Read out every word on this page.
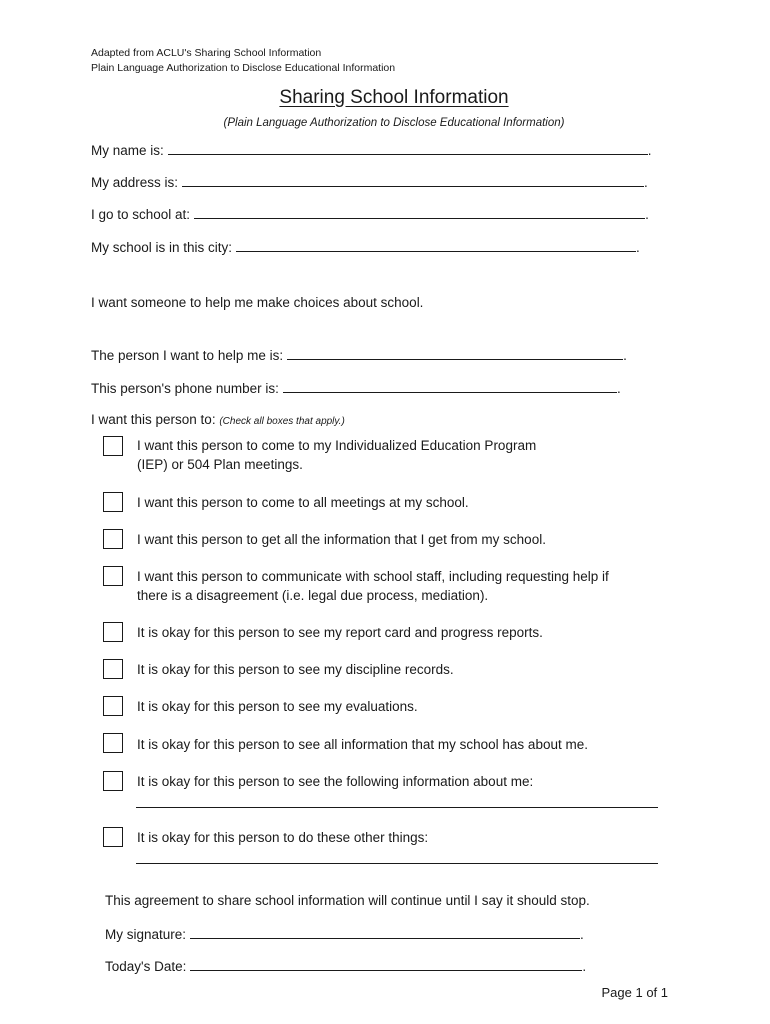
Adapted from ACLU's Sharing School Information
Plain Language Authorization to Disclose Educational Information
Sharing School Information
(Plain Language Authorization to Disclose Educational Information)
My name is:	.
My address is:	.
I go to school at:	.
My school is in this city:	.
I want someone to help me make choices about school.
The person I want to help me is:	.
This person's phone number is:	.
I want this person to: (Check all boxes that apply.)
I want this person to come to my Individualized Education Program
(IEP) or 504 Plan meetings.
I want this person to come to all meetings at my school.
I want this person to get all the information that I get from my school.
I want this person to communicate with school staff, including requesting help if
there is a disagreement (i.e. legal due process, mediation).
It is okay for this person to see my report card and progress reports.
It is okay for this person to see my discipline records.
It is okay for this person to see my evaluations.
It is okay for this person to see all information that my school has about me.
It is okay for this person to see the following information about me:
It is okay for this person to do these other things:
This agreement to share school information will continue until I say it should stop.
My signature:	.
Today's Date:	.
Page 1 of 1
